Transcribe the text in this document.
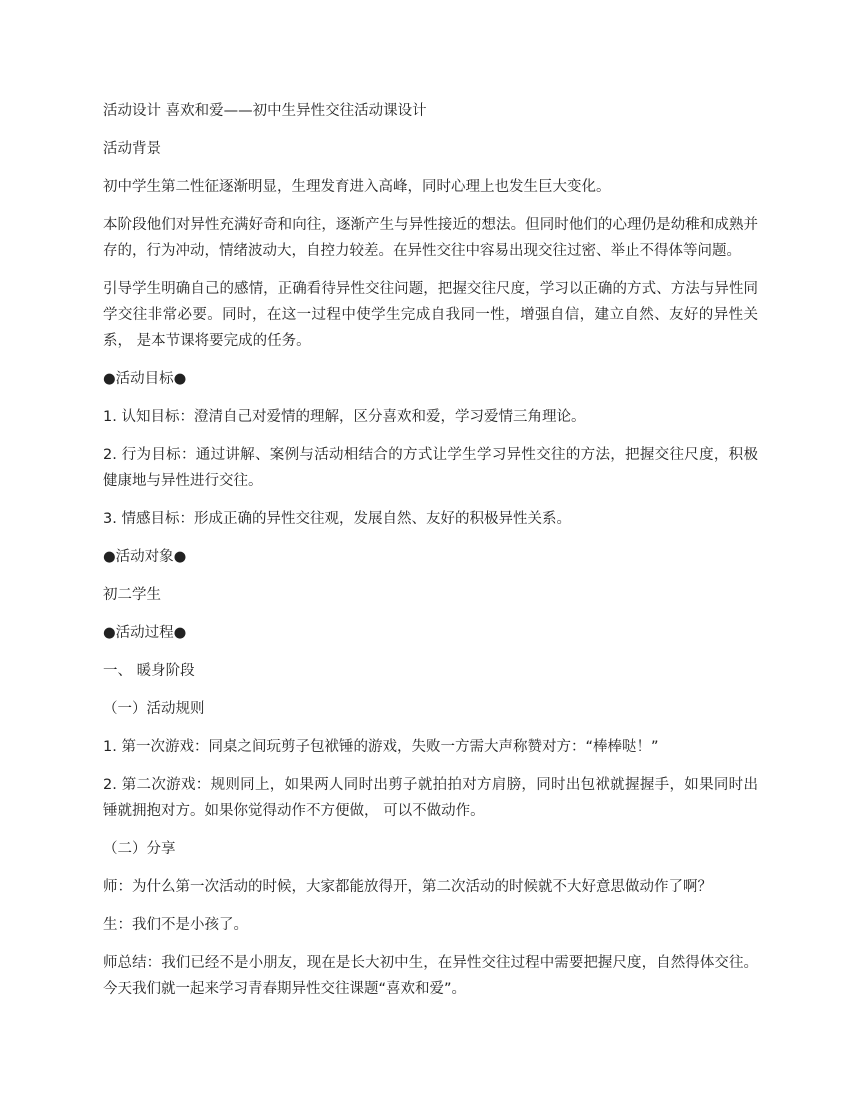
活动设计 喜欢和爱——初中生异性交往活动课设计

活动背景

初中学生第二性征逐渐明显，生理发育进入高峰，同时心理上也发生巨大变化。

本阶段他们对异性充满好奇和向往，逐渐产生与异性接近的想法。但同时他们的心理仍是幼稚和成熟并存的，行为冲动，情绪波动大，自控力较差。在异性交往中容易出现交往过密、举止不得体等问题。

引导学生明确自己的感情，正确看待异性交往问题，把握交往尺度，学习以正确的方式、方法与异性同学交往非常必要。同时，在这一过程中使学生完成自我同一性，增强自信，建立自然、友好的异性关系， 是本节课将要完成的任务。

●活动目标●

1. 认知目标：澄清自己对爱情的理解，区分喜欢和爱，学习爱情三角理论。

2. 行为目标：通过讲解、案例与活动相结合的方式让学生学习异性交往的方法，把握交往尺度，积极健康地与异性进行交往。

3. 情感目标：形成正确的异性交往观，发展自然、友好的积极异性关系。

●活动对象●

初二学生

●活动过程●

一、 暖身阶段

（一）活动规则

1. 第一次游戏：同桌之间玩剪子包袱锤的游戏，失败一方需大声称赞对方：“棒棒哒！”

2. 第二次游戏：规则同上，如果两人同时出剪子就拍拍对方肩膀，同时出包袱就握握手，如果同时出锤就拥抱对方。如果你觉得动作不方便做， 可以不做动作。

（二）分享

师：为什么第一次活动的时候，大家都能放得开，第二次活动的时候就不大好意思做动作了啊？

生：我们不是小孩了。

师总结：我们已经不是小朋友，现在是长大初中生，在异性交往过程中需要把握尺度，自然得体交往。今天我们就一起来学习青春期异性交往课题“喜欢和爱”。
